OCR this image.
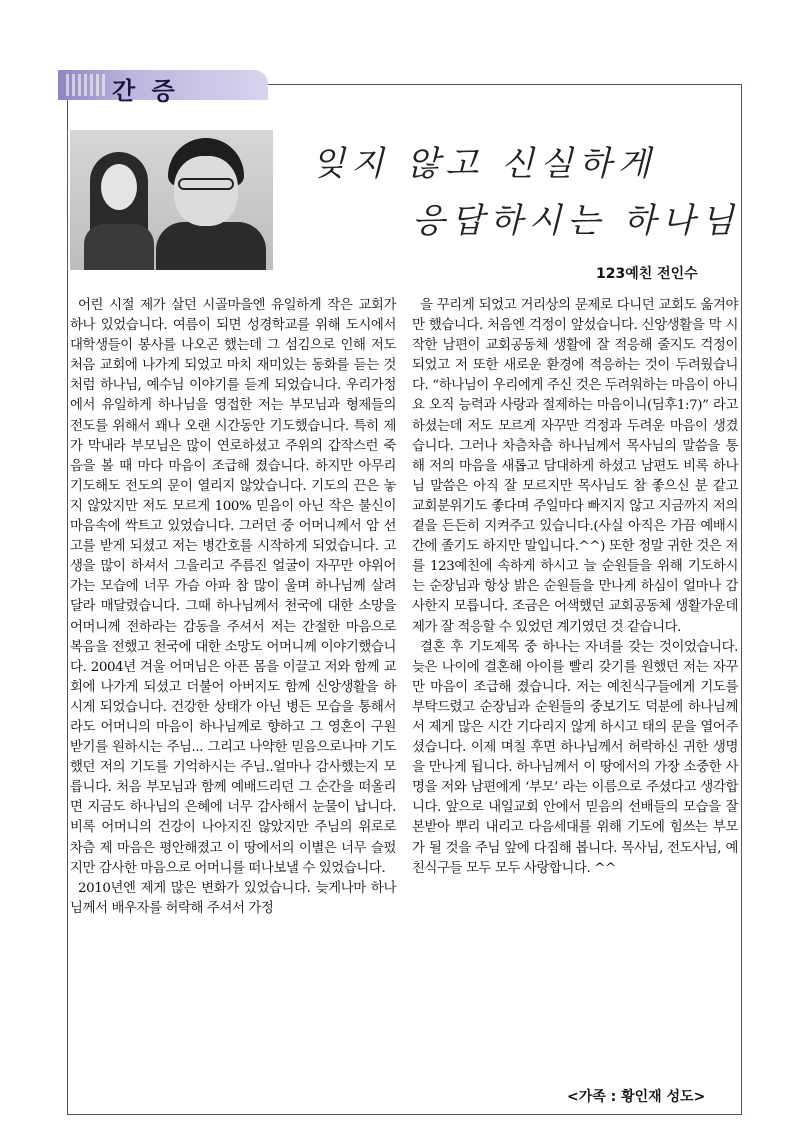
간 증
잊지 않고 신실하게
응답하시는 하나님
123예친 전인수

어린 시절 제가 살던 시골마을엔 유일하게 작은 교회가 하나 있었습니다. 여름이 되면 성경학교를 위해 도시에서 대학생들이 봉사를 나오곤 했는데 그 섬김으로 인해 저도 처음 교회에 나가게 되었고 마치 재미있는 동화를 듣는 것처럼 하나님, 예수님 이야기를 듣게 되었습니다. 우리가정에서 유일하게 하나님을 영접한 저는 부모님과 형제들의 전도를 위해서 꽤나 오랜 시간동안 기도했습니다. 특히 제가 막내라 부모님은 많이 연로하셨고 주위의 갑작스런 죽음을 볼 때 마다 마음이 조급해 졌습니다. 하지만 아무리 기도해도 전도의 문이 열리지 않았습니다. 기도의 끈은 놓지 않았지만 저도 모르게 100% 믿음이 아닌 작은 불신이 마음속에 싹트고 있었습니다. 그러던 중 어머니께서 암 선고를 받게 되셨고 저는 병간호를 시작하게 되었습니다. 고생을 많이 하셔서 그을리고 주름진 얼굴이 자꾸만 야위어 가는 모습에 너무 가슴 아파 참 많이 울며 하나님께 살려 달라 매달렸습니다. 그때 하나님께서 천국에 대한 소망을 어머니께 전하라는 감동을 주셔서 저는 간절한 마음으로 복음을 전했고 천국에 대한 소망도 어머니께 이야기했습니다. 2004년 겨울 어머님은 아픈 몸을 이끌고 저와 함께 교회에 나가게 되셨고 더불어 아버지도 함께 신앙생활을 하시게 되었습니다. 건강한 상태가 아닌 병든 모습을 통해서라도 어머니의 마음이 하나님께로 향하고 그 영혼이 구원받기를 원하시는 주님... 그리고 나약한 믿음으로나마 기도했던 저의 기도를 기억하시는 주님..얼마나 감사했는지 모릅니다. 처음 부모님과 함께 예배드리던 그 순간을 떠올리면 지금도 하나님의 은혜에 너무 감사해서 눈물이 납니다. 비록 어머니의 건강이 나아지진 않았지만 주님의 위로로 차츰 제 마음은 평안해졌고 이 땅에서의 이별은 너무 슬펐지만 감사한 마음으로 어머니를 떠나보낼 수 있었습니다.

2010년엔 제게 많은 변화가 있었습니다. 늦게나마 하나님께서 배우자를 허락해 주셔서 가정

을 꾸리게 되었고 거리상의 문제로 다니던 교회도 옮겨야만 했습니다. 처음엔 걱정이 앞섰습니다. 신앙생활을 막 시작한 남편이 교회공동체 생활에 잘 적응해 줄지도 걱정이 되었고 저 또한 새로운 환경에 적응하는 것이 두려웠습니다. “하나님이 우리에게 주신 것은 두려워하는 마음이 아니요 오직 능력과 사랑과 절제하는 마음이니(딤후1:7)” 라고 하셨는데 저도 모르게 자꾸만 걱정과 두려운 마음이 생겼습니다. 그러나 차츰차츰 하나님께서 목사님의 말씀을 통해 저의 마음을 새롭고 담대하게 하셨고 남편도 비록 하나님 말씀은 아직 잘 모르지만 목사님도 참 좋으신 분 같고 교회분위기도 좋다며 주일마다 빠지지 않고 지금까지 저의 곁을 든든히 지켜주고 있습니다.(사실 아직은 가끔 예배시간에 졸기도 하지만 말입니다.^^) 또한 정말 귀한 것은 저를 123예친에 속하게 하시고 늘 순원들을 위해 기도하시는 순장님과 항상 밝은 순원들을 만나게 하심이 얼마나 감사한지 모릅니다. 조금은 어색했던 교회공동체 생활가운데 제가 잘 적응할 수 있었던 계기였던 것 같습니다.

결혼 후 기도제목 중 하나는 자녀를 갖는 것이었습니다. 늦은 나이에 결혼해 아이를 빨리 갖기를 원했던 저는 자꾸만 마음이 조급해 졌습니다. 저는 예친식구들에게 기도를 부탁드렸고 순장님과 순원들의 중보기도 덕분에 하나님께서 제게 많은 시간 기다리지 않게 하시고 태의 문을 열어주셨습니다. 이제 며칠 후면 하나님께서 허락하신 귀한 생명을 만나게 됩니다. 하나님께서 이 땅에서의 가장 소중한 사명을 저와 남편에게 ‘부모’ 라는 이름으로 주셨다고 생각합니다. 앞으로 내일교회 안에서 믿음의 선배들의 모습을 잘 본받아 뿌리 내리고 다음세대를 위해 기도에 힘쓰는 부모가 될 것을 주님 앞에 다짐해 봅니다. 목사님, 전도사님, 예친식구들 모두 모두 사랑합니다. ^^

<가족 : 황인재 성도>
